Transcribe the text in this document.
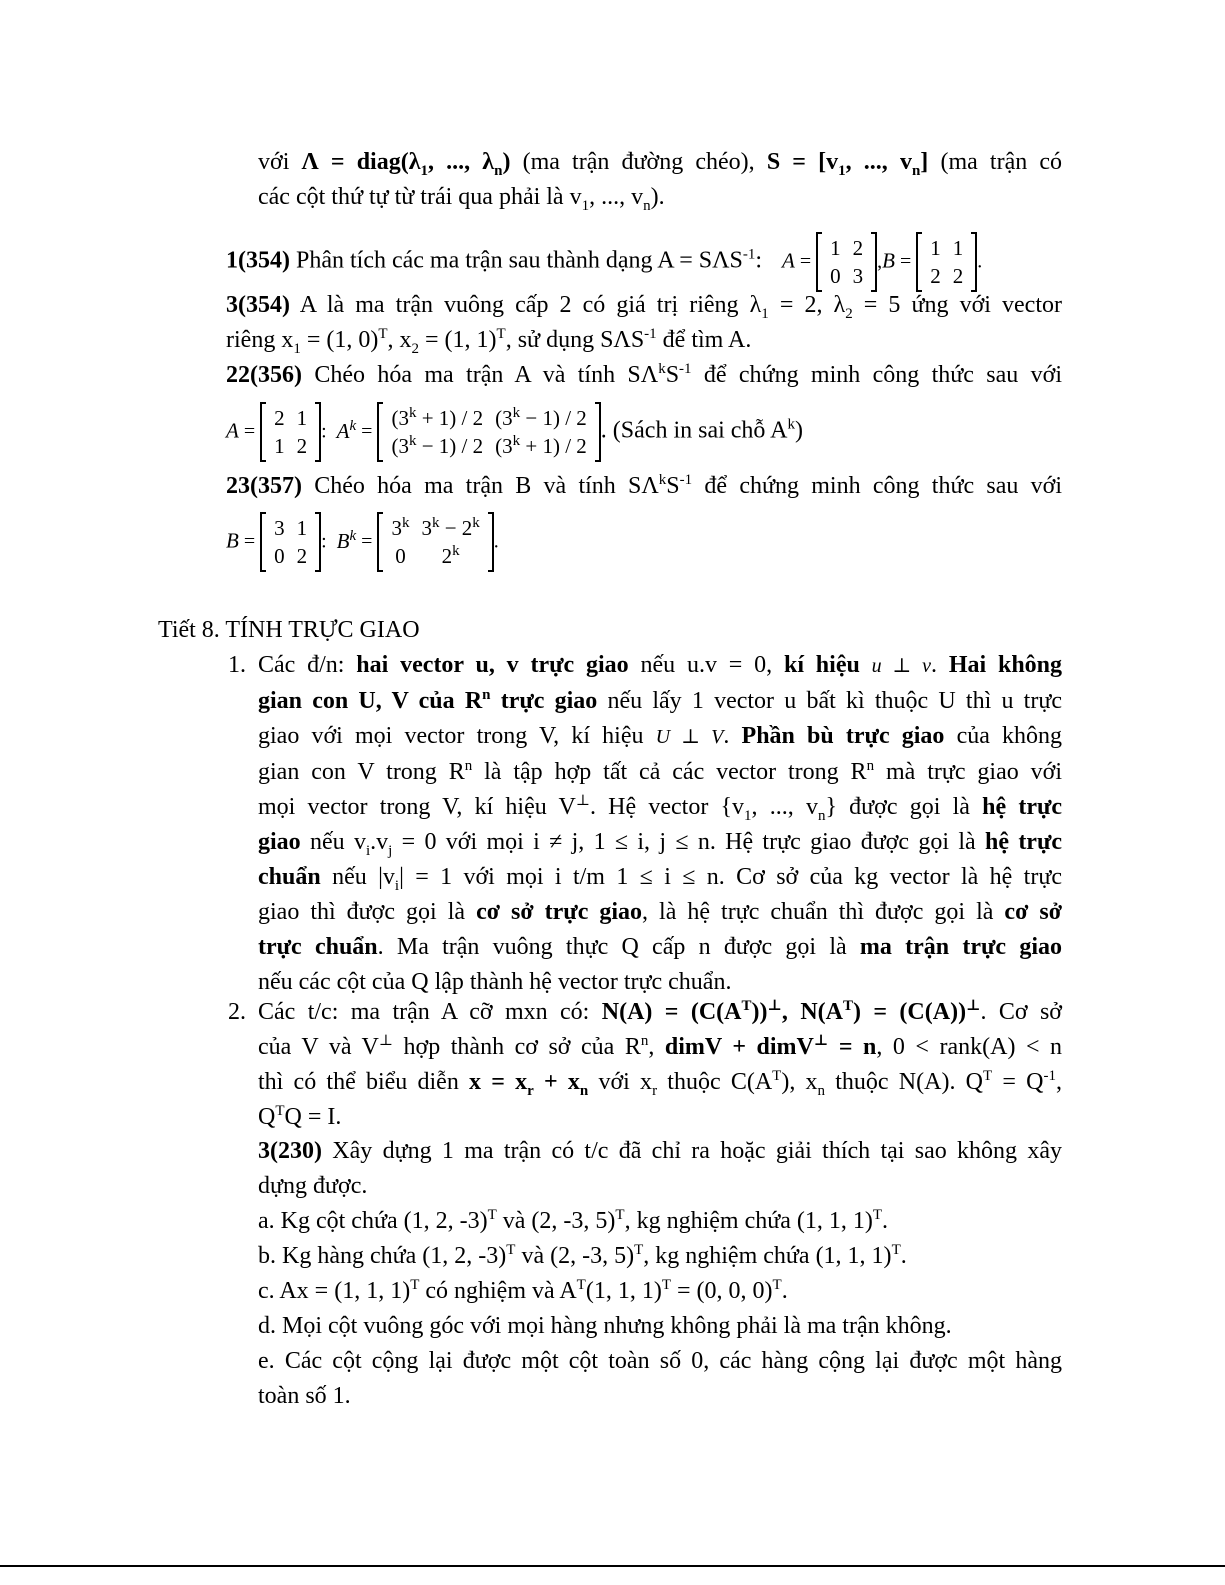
với $\Lambda = diag(\lambda_1$, ..., $\lambda_n$) (ma trận đường chéo), $S = [v_1$, ..., $v_n$] (ma trận có

các cột thứ tự từ trái qua phải là $v_1$, ..., $v_n$).

1(354) Phân tích các ma trận sau thành dạng $A = S\Lambda S^{-1}$: A =
1	2
0	3
,B =
1	1
2	2
.

3(354) A là ma trận vuông cấp 2 có giá trị riêng $\lambda_1 = 2$, $\lambda_2 = 5$ ứng với vector

riêng $x_1 = (1$, 0)$^T$, $x_2 = (1$, 1)$^T$, sử dụng $S\Lambda S^{-1}$ để tìm A.

22(356) Chéo hóa ma trận A và tính $S\Lambda^kS^{-1}$ để chứng minh công thức sau với

A =
2	1
1	2
:  $A^k$ =
$(3^k + 1) / 2$	$(3^k - 1) / 2$
$(3^k - 1) / 2$	$(3^k + 1) / 2$
. (Sách in sai chỗ $A^k$)

23(357) Chéo hóa ma trận B và tính $S\Lambda^kS^{-1}$ để chứng minh công thức sau với

B =
3	1
0	2
:  $B^k$ =
3$^k$	$3^k - 2^k$
0	2$^k$ .

Tiết 8. TÍNH TRỰC GIAO

1. Các đ/n: hai vector u, v trực giao nếu u.v = 0, kí hiệu u ⊥ v. Hai không

gian con U, V của $R^n$ trực giao nếu lấy 1 vector u bất kì thuộc U thì u trực

giao với mọi vector trong V, kí hiệu U ⊥ V. Phần bù trực giao của không

gian con V trong $R^n$ là tập hợp tất cả các vector trong $R^n$ mà trực giao với

mọi vector trong V, kí hiệu V⊥. Hệ vector {$v_1$, ..., $v_n$} được gọi là hệ trực

giao nếu $v_i.v_j = 0$ với mọi i ≠ j, 1 ≤ i, j ≤ n. Hệ trực giao được gọi là hệ trực

chuẩn nếu $|v_i| = 1$ với mọi i t/m 1 ≤ i ≤ n. Cơ sở của kg vector là hệ trực

giao thì được gọi là cơ sở trực giao, là hệ trực chuẩn thì được gọi là cơ sở

trực chuẩn. Ma trận vuông thực Q cấp n được gọi là ma trận trực giao

nếu các cột của Q lập thành hệ vector trực chuẩn.

2. Các t/c: ma trận A cỡ mxn có: $N(A) = (C(A^T))^\perp$, $N(A^T) = (C(A))^\perp$. Cơ sở

của V và V⊥ hợp thành cơ sở của $R^n$, dimV + dimV⊥ = n, 0 < rank(A) < n

thì có thể biểu diễn $x = x_r + x_n$ với $x_r$ thuộc $C(A^T)$, $x_n$ thuộc N(A). $Q^T = Q^{-1}$,

$Q^TQ = I$.

3(230) Xây dựng 1 ma trận có t/c đã chỉ ra hoặc giải thích tại sao không xây

dựng được.

a. Kg cột chứa (1, 2, -3)$^T$ và (2, -3, 5)$^T$, kg nghiệm chứa (1, 1, 1)$^T$.

b. Kg hàng chứa (1, 2, -3)$^T$ và (2, -3, 5)$^T$, kg nghiệm chứa (1, 1, 1)$^T$.

c. Ax = (1, 1, 1)$^T$ có nghiệm và $A^T(1$, 1, 1)$^T$ = (0, 0, 0)$^T$.

d. Mọi cột vuông góc với mọi hàng nhưng không phải là ma trận không.

e. Các cột cộng lại được một cột toàn số 0, các hàng cộng lại được một hàng

toàn số 1.
